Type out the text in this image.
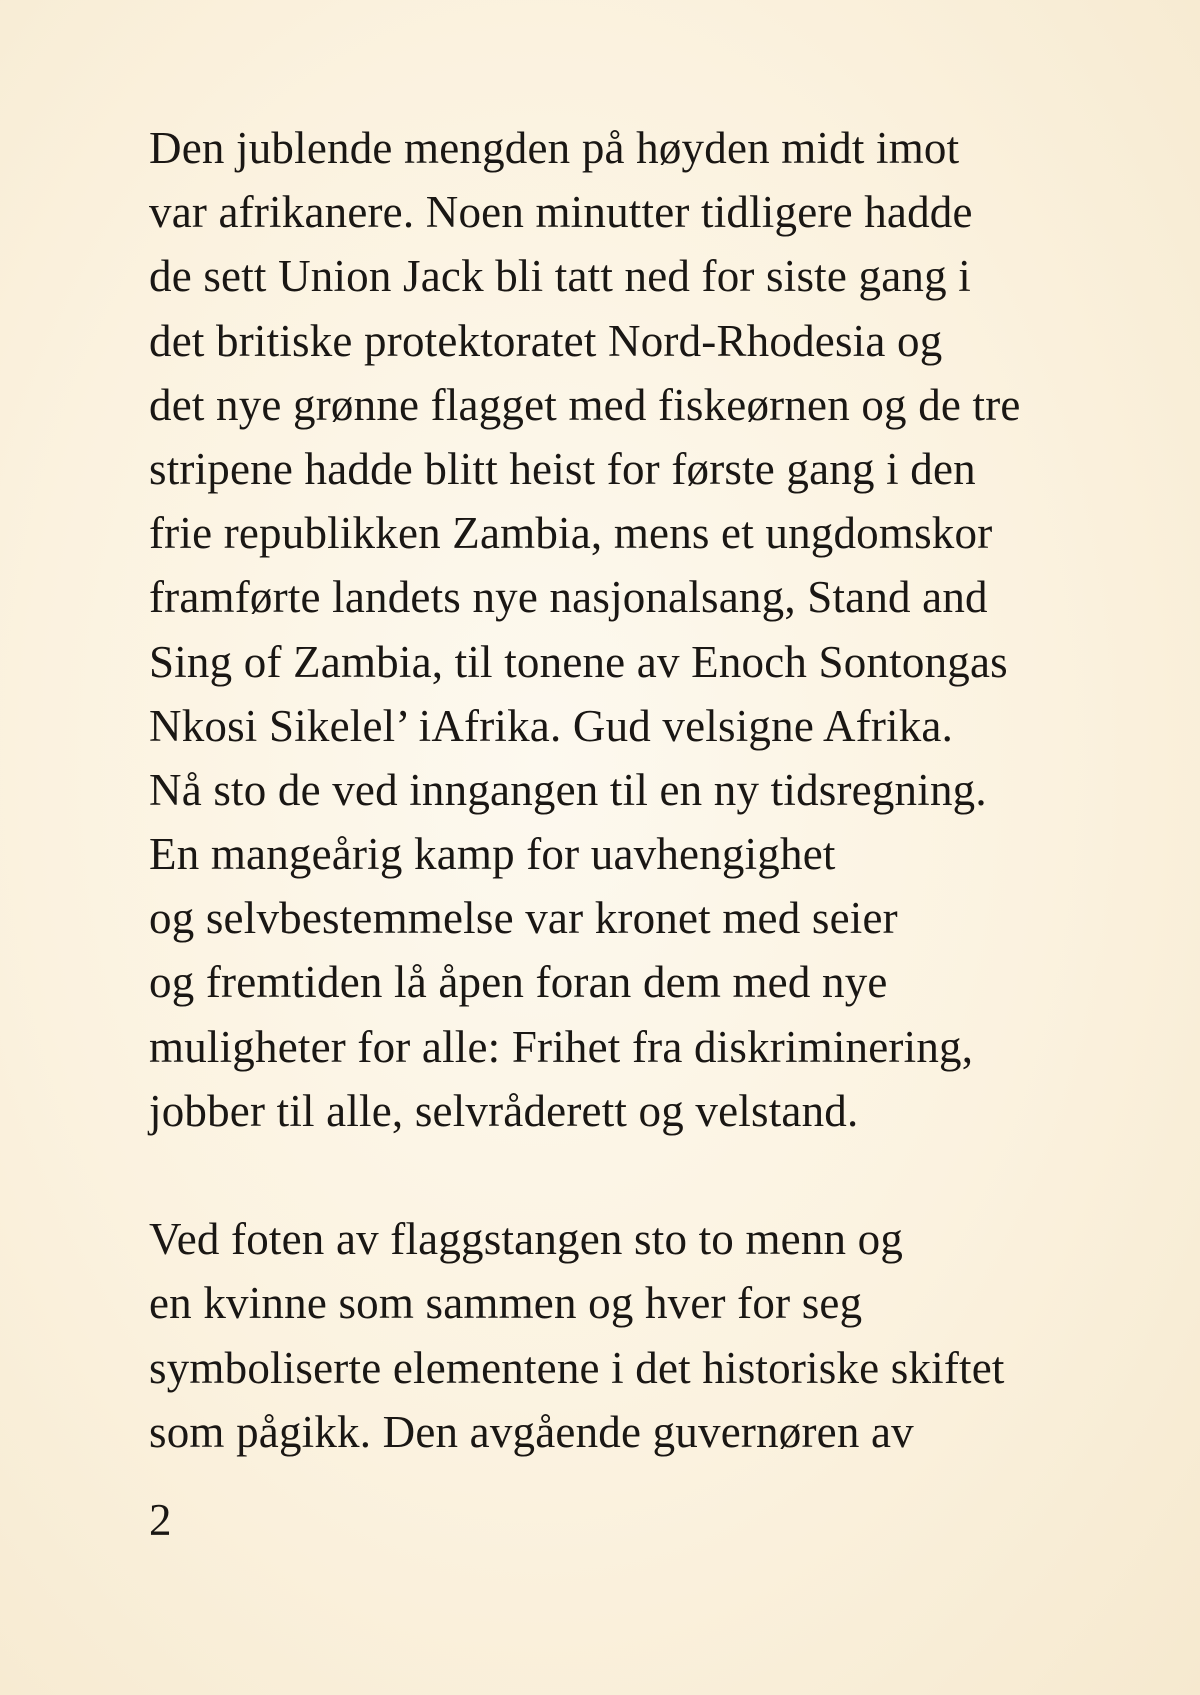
Den jublende mengden på høyden midt imot
var afrikanere. Noen minutter tidligere hadde
de sett Union Jack bli tatt ned for siste gang i
det britiske protektoratet Nord-Rhodesia og
det nye grønne flagget med fiskeørnen og de tre
stripene hadde blitt heist for første gang i den
frie republikken Zambia, mens et ungdomskor
framførte landets nye nasjonalsang, Stand and
Sing of Zambia, til tonene av Enoch Sontongas
Nkosi Sikelel’ iAfrika. Gud velsigne Afrika.
Nå sto de ved inngangen til en ny tidsregning.
En mangeårig kamp for uavhengighet
og selvbestemmelse var kronet med seier
og fremtiden lå åpen foran dem med nye
muligheter for alle: Frihet fra diskriminering,
jobber til alle, selvråderett og velstand.
Ved foten av flaggstangen sto to menn og
en kvinne som sammen og hver for seg
symboliserte elementene i det historiske skiftet
som pågikk. Den avgående guvernøren av
2
